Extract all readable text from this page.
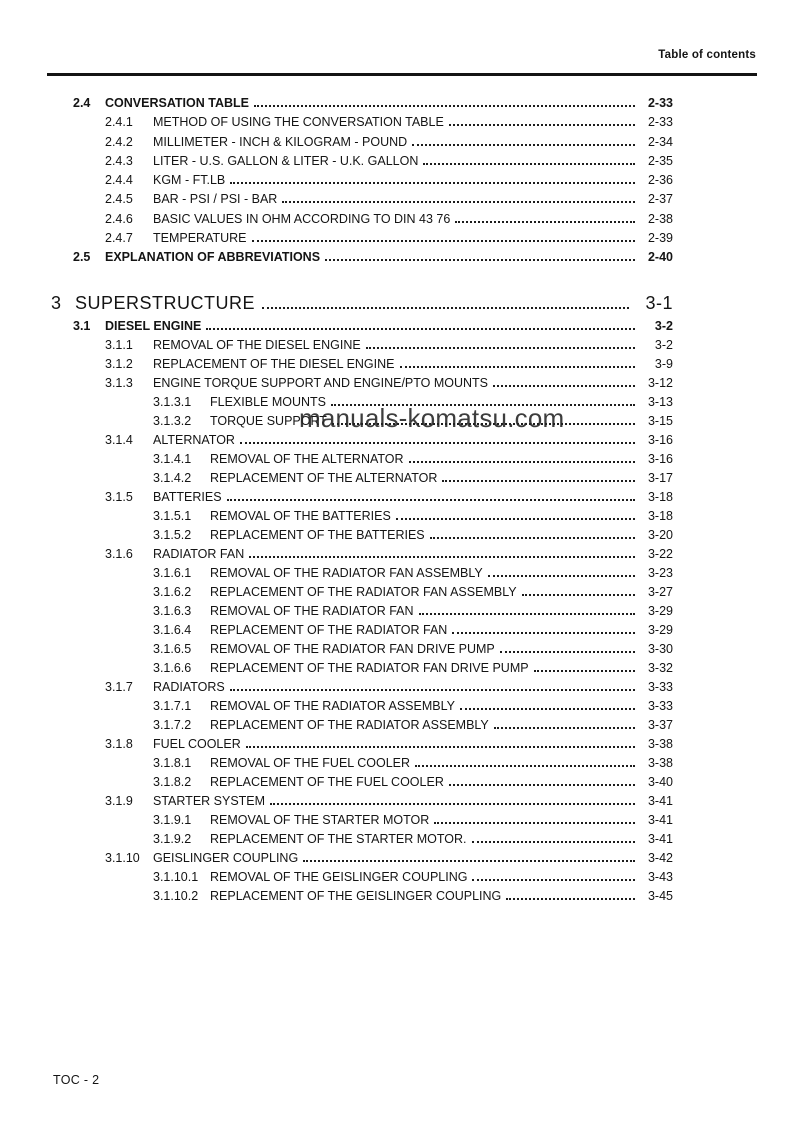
Table of contents
2.4	CONVERSATION TABLE	2-33
2.4.1	METHOD OF USING THE CONVERSATION TABLE	2-33
2.4.2	MILLIMETER - INCH & KILOGRAM - POUND	2-34
2.4.3	LITER - U.S. GALLON & LITER - U.K. GALLON	2-35
2.4.4	KGM - FT.LB	2-36
2.4.5	BAR - PSI / PSI - BAR	2-37
2.4.6	BASIC VALUES IN OHM ACCORDING TO DIN 43 76	2-38
2.4.7	TEMPERATURE	2-39
2.5	EXPLANATION OF ABBREVIATIONS	2-40
3 SUPERSTRUCTURE	3-1
3.1	DIESEL ENGINE	3-2
3.1.1	REMOVAL OF THE DIESEL ENGINE	3-2
3.1.2	REPLACEMENT OF THE DIESEL ENGINE	3-9
3.1.3	ENGINE TORQUE SUPPORT AND ENGINE/PTO MOUNTS	3-12
3.1.3.1	FLEXIBLE MOUNTS	3-13
3.1.3.2	TORQUE SUPPORT	3-15
3.1.4	ALTERNATOR	3-16
3.1.4.1	REMOVAL OF THE ALTERNATOR	3-16
3.1.4.2	REPLACEMENT OF THE ALTERNATOR	3-17
3.1.5	BATTERIES	3-18
3.1.5.1	REMOVAL OF THE BATTERIES	3-18
3.1.5.2	REPLACEMENT OF THE BATTERIES	3-20
3.1.6	RADIATOR FAN	3-22
3.1.6.1	REMOVAL OF THE RADIATOR FAN ASSEMBLY	3-23
3.1.6.2	REPLACEMENT OF THE RADIATOR FAN ASSEMBLY	3-27
3.1.6.3	REMOVAL OF THE RADIATOR FAN	3-29
3.1.6.4	REPLACEMENT OF THE RADIATOR FAN	3-29
3.1.6.5	REMOVAL OF THE RADIATOR FAN DRIVE PUMP	3-30
3.1.6.6	REPLACEMENT OF THE RADIATOR FAN DRIVE PUMP	3-32
3.1.7	RADIATORS	3-33
3.1.7.1	REMOVAL OF THE RADIATOR ASSEMBLY	3-33
3.1.7.2	REPLACEMENT OF THE RADIATOR ASSEMBLY	3-37
3.1.8	FUEL COOLER	3-38
3.1.8.1	REMOVAL OF THE FUEL COOLER	3-38
3.1.8.2	REPLACEMENT OF THE FUEL COOLER	3-40
3.1.9	STARTER SYSTEM	3-41
3.1.9.1	REMOVAL OF THE STARTER MOTOR	3-41
3.1.9.2	REPLACEMENT OF THE STARTER MOTOR.	3-41
3.1.10	GEISLINGER COUPLING	3-42
3.1.10.1 REMOVAL OF THE GEISLINGER COUPLING	3-43
3.1.10.2 REPLACEMENT OF THE GEISLINGER COUPLING	3-45
manuals-komatsu.com
TOC - 2
